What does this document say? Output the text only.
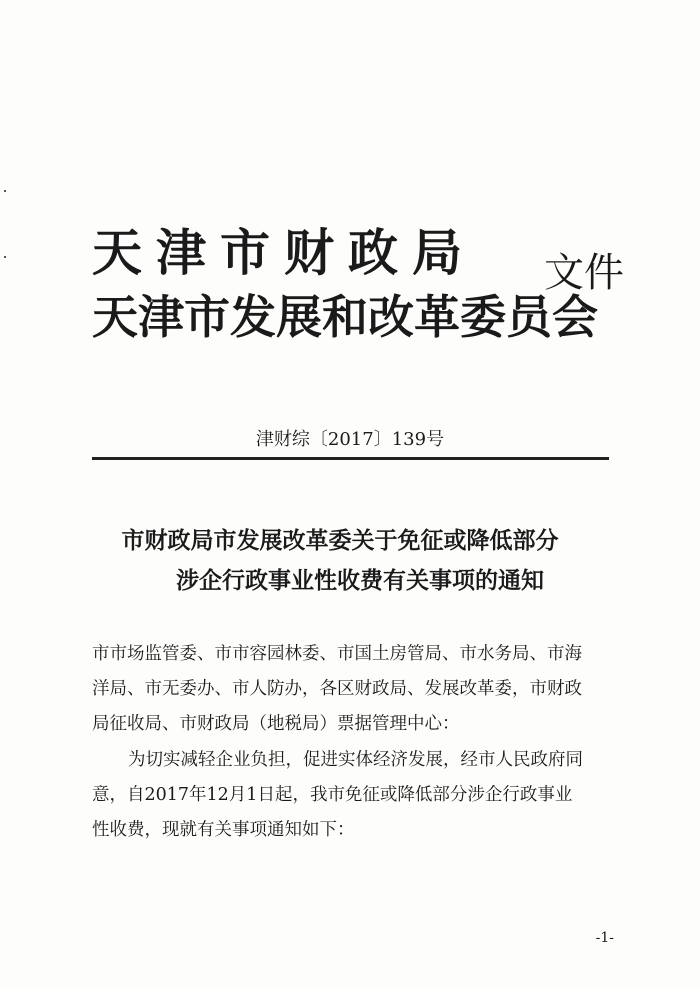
天津市财政局
天津市发展和改革委员会
文件
津财综〔2017〕139号
市财政局市发展改革委关于免征或降低部分
涉企行政事业性收费有关事项的通知
市市场监管委、市市容园林委、市国土房管局、市水务局、市海
洋局、市无委办、市人防办，各区财政局、发展改革委，市财政
局征收局、市财政局（地税局）票据管理中心：
为切实减轻企业负担，促进实体经济发展，经市人民政府同
意，自2017年12月1日起，我市免征或降低部分涉企行政事业
性收费，现就有关事项通知如下：
-1-
